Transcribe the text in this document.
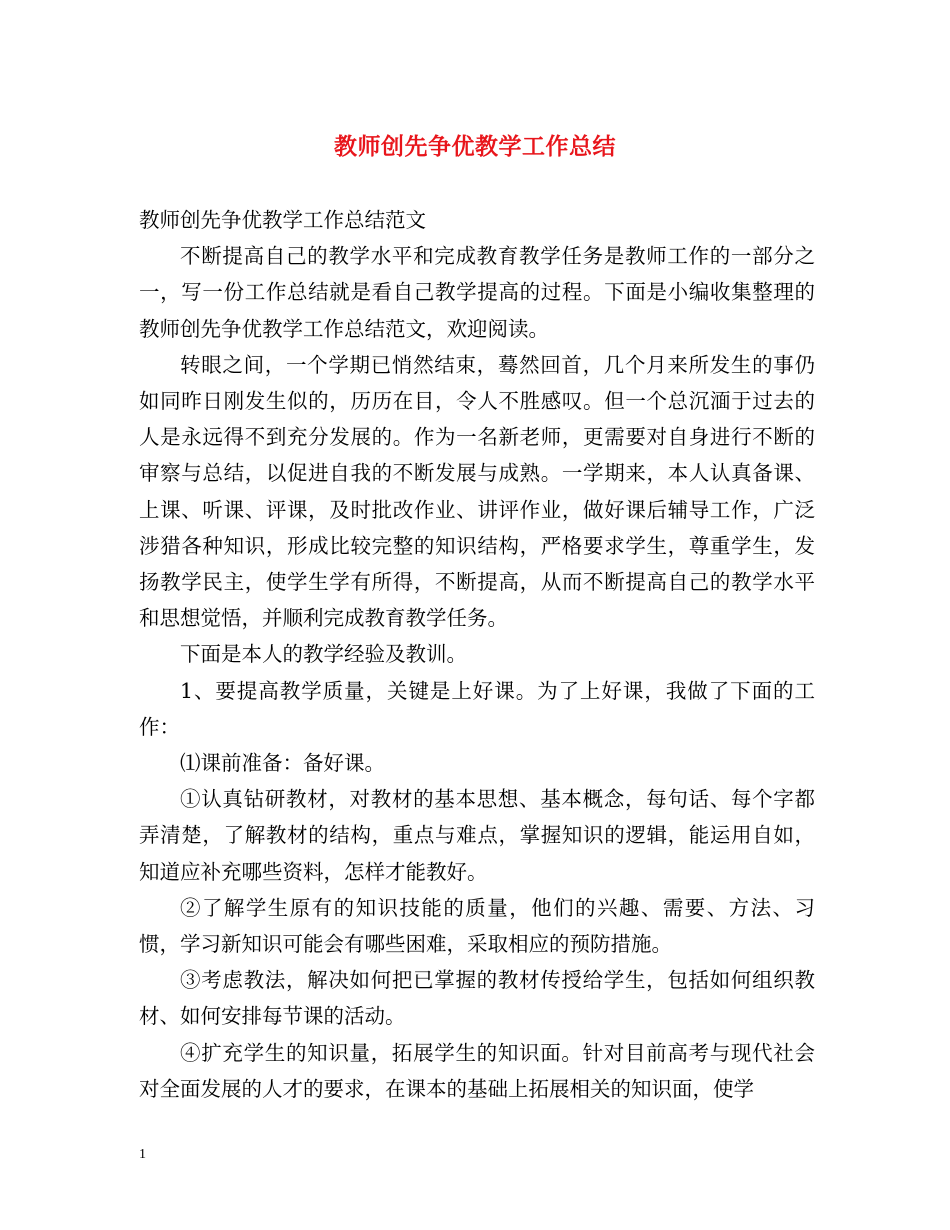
教师创先争优教学工作总结

教师创先争优教学工作总结范文

不断提高自己的教学水平和完成教育教学任务是教师工作的一部分之一，写一份工作总结就是看自己教学提高的过程。下面是小编收集整理的教师创先争优教学工作总结范文，欢迎阅读。

转眼之间，一个学期已悄然结束，蓦然回首，几个月来所发生的事仍如同昨日刚发生似的，历历在目，令人不胜感叹。但一个总沉湎于过去的人是永远得不到充分发展的。作为一名新老师，更需要对自身进行不断的审察与总结，以促进自我的不断发展与成熟。一学期来，本人认真备课、上课、听课、评课，及时批改作业、讲评作业，做好课后辅导工作，广泛涉猎各种知识，形成比较完整的知识结构，严格要求学生，尊重学生，发扬教学民主，使学生学有所得，不断提高，从而不断提高自己的教学水平和思想觉悟，并顺利完成教育教学任务。

下面是本人的教学经验及教训。

1、要提高教学质量，关键是上好课。为了上好课，我做了下面的工作：

⑴课前准备：备好课。

①认真钻研教材，对教材的基本思想、基本概念，每句话、每个字都弄清楚，了解教材的结构，重点与难点，掌握知识的逻辑，能运用自如，知道应补充哪些资料，怎样才能教好。

②了解学生原有的知识技能的质量，他们的兴趣、需要、方法、习惯，学习新知识可能会有哪些困难，采取相应的预防措施。

③考虑教法，解决如何把已掌握的教材传授给学生，包括如何组织教材、如何安排每节课的活动。

④扩充学生的知识量，拓展学生的知识面。针对目前高考与现代社会对全面发展的人才的要求，在课本的基础上拓展相关的知识面，使学

1
